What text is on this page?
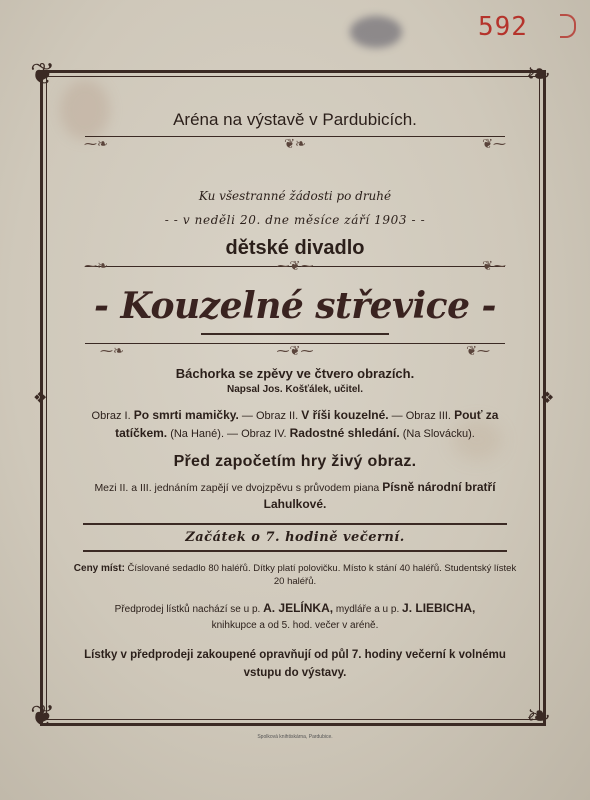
592
❦	❧
❦	❧
❖	❖
Aréna na výstavě v Pardubicích.
⁓❧	❦❧	❦⁓
Ku všestranné žádosti po druhé
- - v neděli 20. dne měsíce září 1903 - -
dětské divadlo
⁓❧	⁓❦⁓	❦⁓
- Kouzelné střevice -
⁓❧	⁓❦⁓	❦⁓
Báchorka se zpěvy ve čtvero obrazích.
Napsal Jos. Košťálek, učitel.
Obraz I. Po smrti mamičky. — Obraz II. V říši kouzelné. — Obraz III. Pouť za tatíčkem. (Na Hané). — Obraz IV. Radostné shledání. (Na Slovácku).
Před započetím hry živý obraz.
Mezi II. a III. jednáním zapějí ve dvojzpěvu s průvodem piana Písně národní bratří Lahulkové.
Začátek o 7. hodině večerní.
Ceny míst: Číslované sedadlo 80 haléřů. Dítky platí polovičku. Místo k stání 40 haléřů. Studentský lístek 20 haléřů.
Předprodej lístků nachází se u p. A. JELÍNKA, mydláře a u p. J. LIEBICHA,
knihkupce a od 5. hod. večer v aréně.
Lístky v předprodeji zakoupené opravňují od půl 7. hodiny večerní k volnému vstupu do výstavy.
Spolková knihtiskárna, Pardubice.
